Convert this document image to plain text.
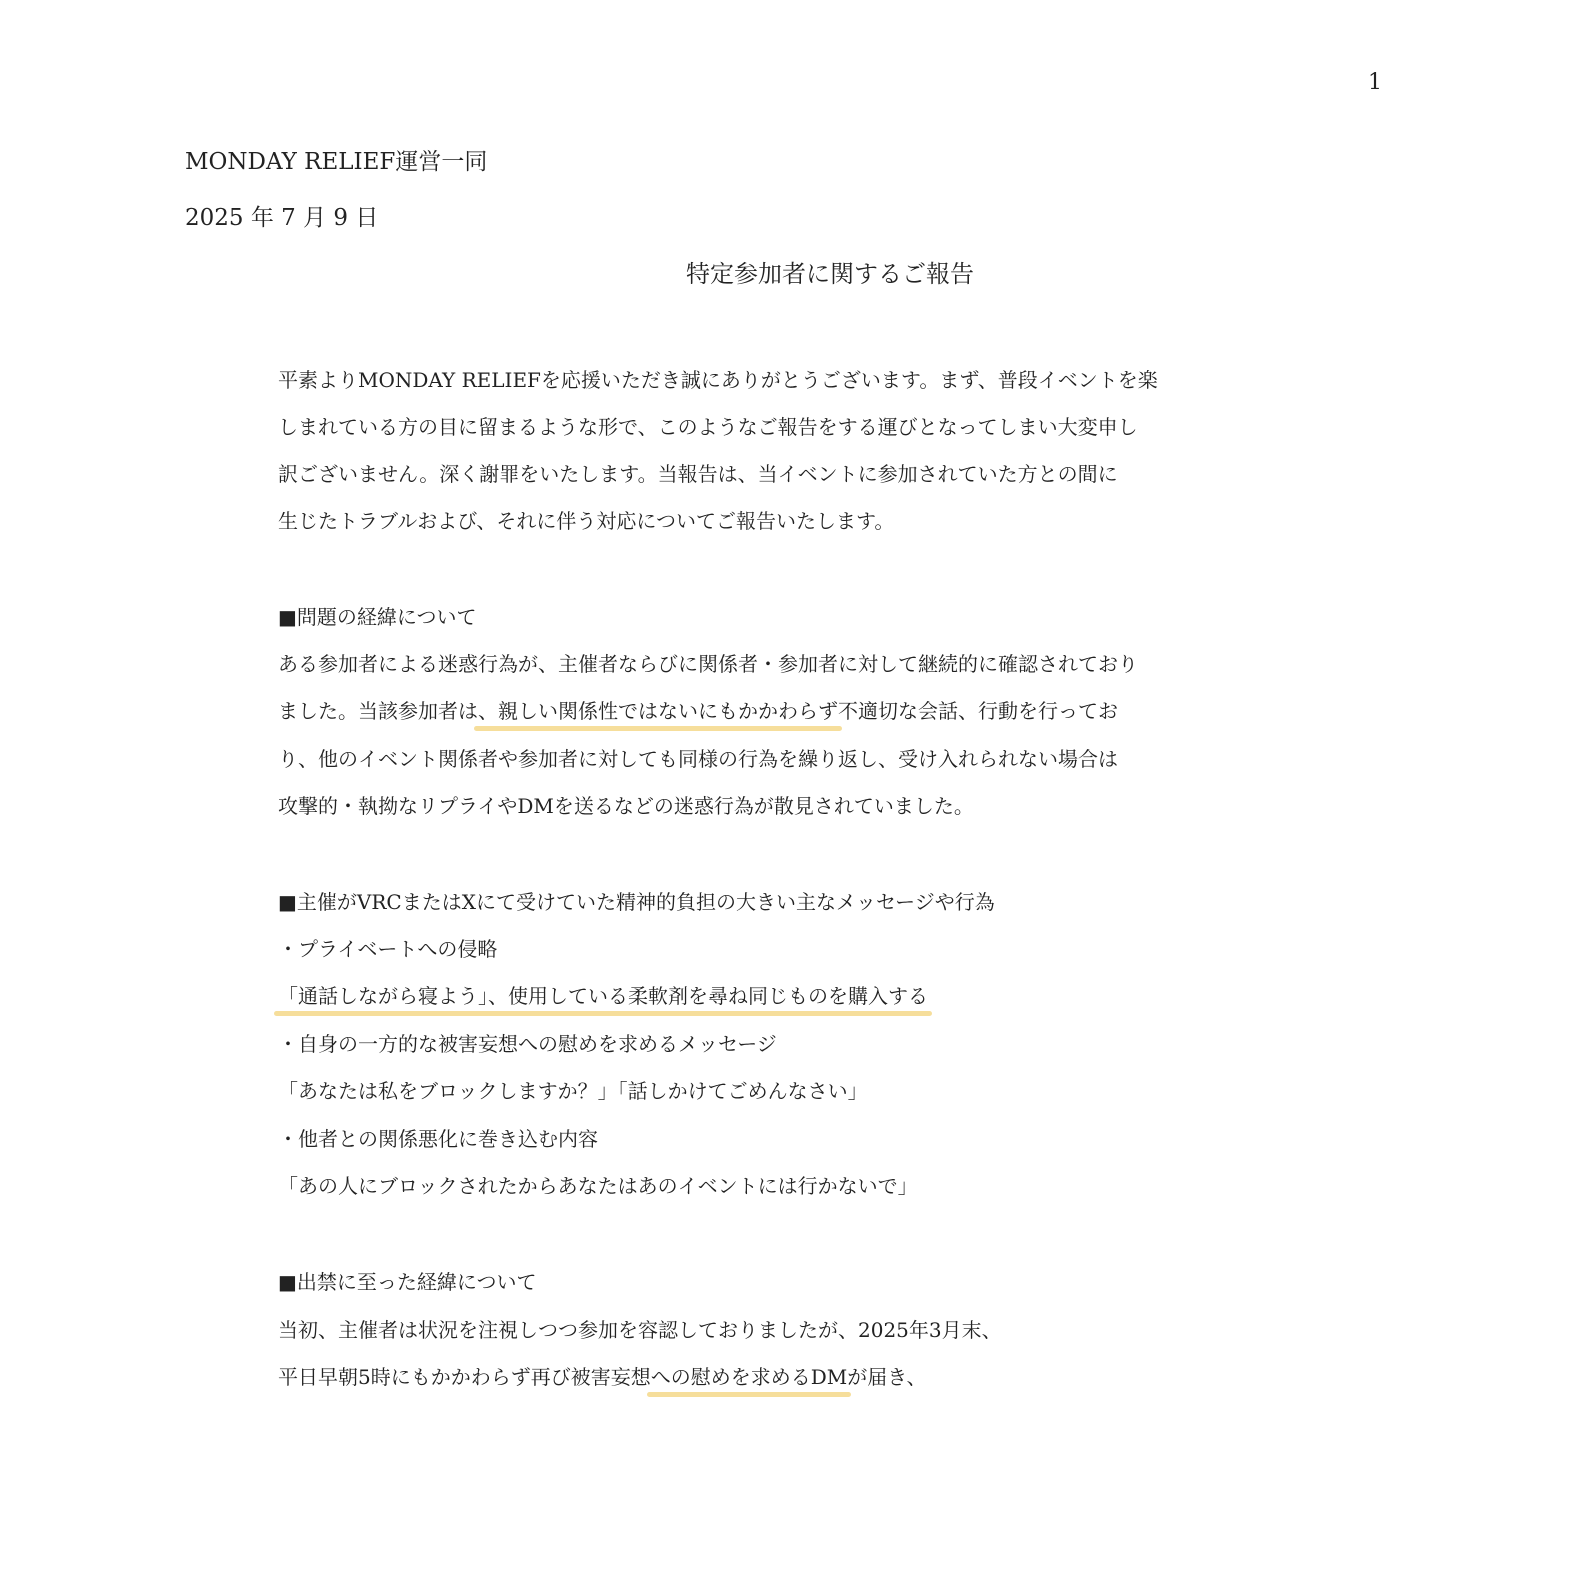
1
MONDAY RELIEF運営一同
2025 年 7 月 9 日
特定参加者に関するご報告
平素よりMONDAY RELIEFを応援いただき誠にありがとうございます。まず、普段イベントを楽
しまれている方の目に留まるような形で、このようなご報告をする運びとなってしまい大変申し
訳ございません。深く謝罪をいたします。当報告は、当イベントに参加されていた方との間に
生じたトラブルおよび、それに伴う対応についてご報告いたします。
■問題の経緯について
ある参加者による迷惑行為が、主催者ならびに関係者・参加者に対して継続的に確認されており
ました。当該参加者は、親しい関係性ではないにもかかわらず不適切な会話、行動を行ってお
り、他のイベント関係者や参加者に対しても同様の行為を繰り返し、受け入れられない場合は
攻撃的・執拗なリプライやDMを送るなどの迷惑行為が散見されていました。
■主催がVRCまたはXにて受けていた精神的負担の大きい主なメッセージや行為
・プライベートへの侵略
「通話しながら寝よう」、使用している柔軟剤を尋ね同じものを購入する
・自身の一方的な被害妄想への慰めを求めるメッセージ
「あなたは私をブロックしますか？」「話しかけてごめんなさい」
・他者との関係悪化に巻き込む内容
「あの人にブロックされたからあなたはあのイベントには行かないで」
■出禁に至った経緯について
当初、主催者は状況を注視しつつ参加を容認しておりましたが、2025年3月末、
平日早朝5時にもかかわらず再び被害妄想への慰めを求めるDMが届き、
